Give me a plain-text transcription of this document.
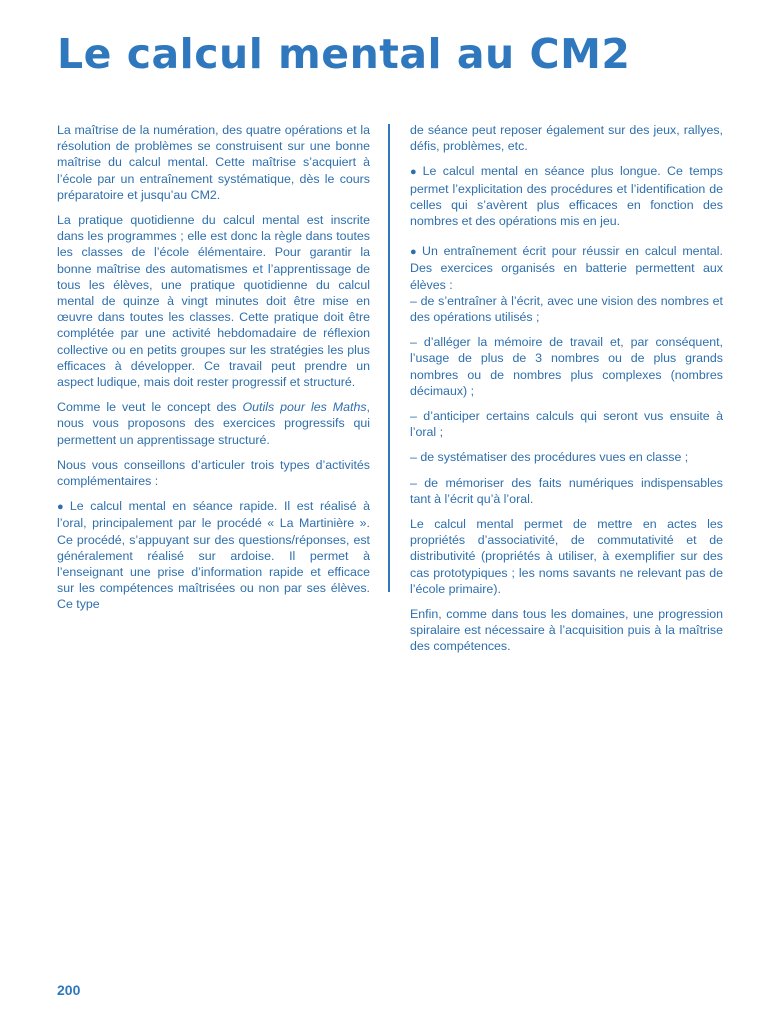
Le calcul mental au CM2

La maîtrise de la numération, des quatre opérations et la résolution de problèmes se construisent sur une bonne maîtrise du calcul mental. Cette maîtrise s’acquiert à l’école par un entraînement systématique, dès le cours préparatoire et jusqu’au CM2.

La pratique quotidienne du calcul mental est inscrite dans les programmes ; elle est donc la règle dans toutes les classes de l’école élémentaire. Pour garantir la bonne maîtrise des automatismes et l’apprentissage de tous les élèves, une pratique quotidienne du calcul mental de quinze à vingt minutes doit être mise en œuvre dans toutes les classes. Cette pratique doit être complétée par une activité hebdomadaire de réflexion collective ou en petits groupes sur les stratégies les plus efficaces à développer. Ce travail peut prendre un aspect ludique, mais doit rester progressif et structuré.

Comme le veut le concept des Outils pour les Maths, nous vous proposons des exercices progressifs qui permettent un apprentissage structuré.

Nous vous conseillons d’articuler trois types d’activités complémentaires :

● Le calcul mental en séance rapide. Il est réalisé à l’oral, principalement par le procédé « La Martinière ». Ce procédé, s’appuyant sur des questions/réponses, est généralement réalisé sur ardoise. Il permet à l’enseignant une prise d’information rapide et efficace sur les compétences maîtrisées ou non par ses élèves. Ce type

de séance peut reposer également sur des jeux, rallyes, défis, problèmes, etc.

● Le calcul mental en séance plus longue. Ce temps permet l’explicitation des procédures et l’identification de celles qui s’avèrent plus efficaces en fonction des nombres et des opérations mis en jeu.

● Un entraînement écrit pour réussir en calcul mental. Des exercices organisés en batterie permettent aux élèves :

– de s’entraîner à l’écrit, avec une vision des nombres et des opérations utilisés ;

– d’alléger la mémoire de travail et, par conséquent, l’usage de plus de 3 nombres ou de plus grands nombres ou de nombres plus complexes (nombres décimaux) ;

– d’anticiper certains calculs qui seront vus ensuite à l’oral ;

– de systématiser des procédures vues en classe ;

– de mémoriser des faits numériques indispensables tant à l’écrit qu’à l’oral.

Le calcul mental permet de mettre en actes les propriétés d’associativité, de commutativité et de distributivité (propriétés à utiliser, à exemplifier sur des cas prototypiques ; les noms savants ne relevant pas de l’école primaire).

Enfin, comme dans tous les domaines, une progression spiralaire est nécessaire à l’acquisition puis à la maîtrise des compétences.

200
